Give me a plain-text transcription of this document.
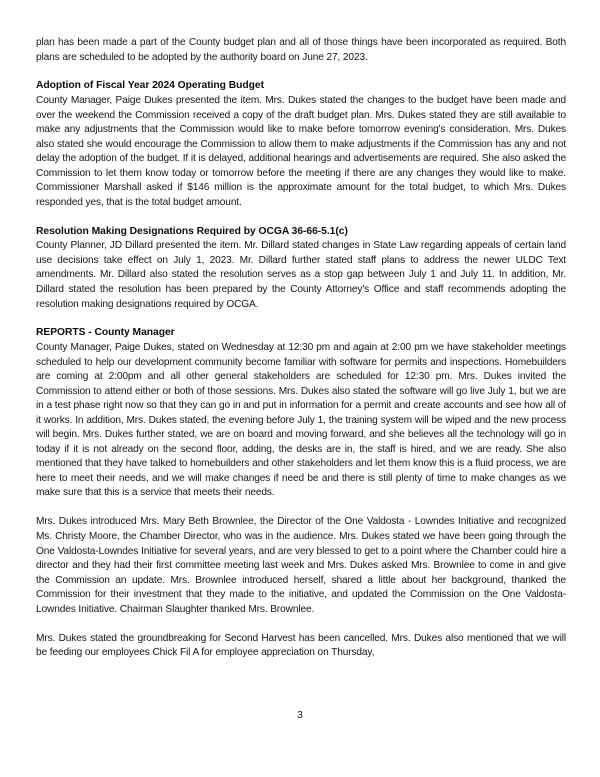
plan has been made a part of the County budget plan and all of those things have been incorporated as required. Both plans are scheduled to be adopted by the authority board on June 27, 2023.

Adoption of Fiscal Year 2024 Operating Budget

County Manager, Paige Dukes presented the item. Mrs. Dukes stated the changes to the budget have been made and over the weekend the Commission received a copy of the draft budget plan. Mrs. Dukes stated they are still available to make any adjustments that the Commission would like to make before tomorrow evening's consideration. Mrs. Dukes also stated she would encourage the Commission to allow them to make adjustments if the Commission has any and not delay the adoption of the budget. If it is delayed, additional hearings and advertisements are required. She also asked the Commission to let them know today or tomorrow before the meeting if there are any changes they would like to make. Commissioner Marshall asked if $146 million is the approximate amount for the total budget, to which Mrs. Dukes responded yes, that is the total budget amount.

Resolution Making Designations Required by OCGA 36-66-5.1(c)

County Planner, JD Dillard presented the item. Mr. Dillard stated changes in State Law regarding appeals of certain land use decisions take effect on July 1, 2023. Mr. Dillard further stated staff plans to address the newer ULDC Text amendments. Mr. Dillard also stated the resolution serves as a stop gap between July 1 and July 11. In addition, Mr. Dillard stated the resolution has been prepared by the County Attorney's Office and staff recommends adopting the resolution making designations required by OCGA.

REPORTS - County Manager

County Manager, Paige Dukes, stated on Wednesday at 12:30 pm and again at 2:00 pm we have stakeholder meetings scheduled to help our development community become familiar with software for permits and inspections. Homebuilders are coming at 2:00pm and all other general stakeholders are scheduled for 12:30 pm. Mrs. Dukes invited the Commission to attend either or both of those sessions. Mrs. Dukes also stated the software will go live July 1, but we are in a test phase right now so that they can go in and put in information for a permit and create accounts and see how all of it works. In addition, Mrs. Dukes stated, the evening before July 1, the training system will be wiped and the new process will begin. Mrs. Dukes further stated, we are on board and moving forward, and she believes all the technology will go in today if it is not already on the second floor, adding, the desks are in, the staff is hired, and we are ready. She also mentioned that they have talked to homebuilders and other stakeholders and let them know this is a fluid process, we are here to meet their needs, and we will make changes if need be and there is still plenty of time to make changes as we make sure that this is a service that meets their needs.

Mrs. Dukes introduced Mrs. Mary Beth Brownlee, the Director of the One Valdosta - Lowndes Initiative and recognized Ms. Christy Moore, the Chamber Director, who was in the audience. Mrs. Dukes stated we have been going through the One Valdosta-Lowndes Initiative for several years, and are very blessed to get to a point where the Chamber could hire a director and they had their first committee meeting last week and Mrs. Dukes asked Mrs. Brownlee to come in and give the Commission an update. Mrs. Brownlee introduced herself, shared a little about her background, thanked the Commission for their investment that they made to the initiative, and updated the Commission on the One Valdosta-Lowndes Initiative. Chairman Slaughter thanked Mrs. Brownlee.

Mrs. Dukes stated the groundbreaking for Second Harvest has been cancelled. Mrs. Dukes also mentioned that we will be feeding our employees Chick Fil A for employee appreciation on Thursday,

3
